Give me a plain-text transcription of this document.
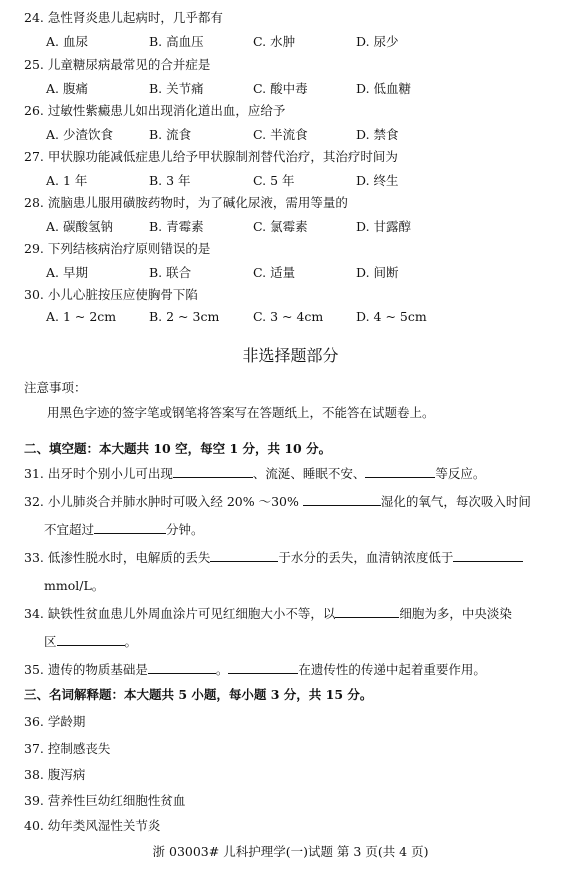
24. 急性肾炎患儿起病时，几乎都有
A. 血尿	B. 高血压	C. 水肿	D. 尿少
25. 儿童糖尿病最常见的合并症是
A. 腹痛	B. 关节痛	C. 酸中毒	D. 低血糖
26. 过敏性紫癜患儿如出现消化道出血，应给予
A. 少渣饮食	B. 流食	C. 半流食	D. 禁食
27. 甲状腺功能减低症患儿给予甲状腺制剂替代治疗，其治疗时间为
A. 1 年	B. 3 年	C. 5 年	D. 终生
28. 流脑患儿服用磺胺药物时，为了碱化尿液，需用等量的
A. 碳酸氢钠	B. 青霉素	C. 氯霉素	D. 甘露醇
29. 下列结核病治疗原则错误的是
A. 早期	B. 联合	C. 适量	D. 间断
30. 小儿心脏按压应使胸骨下陷
A. 1 ~ 2cm	B. 2 ~ 3cm	C. 3 ~ 4cm	D. 4 ~ 5cm
非选择题部分
注意事项：
用黑色字迹的签字笔或钢笔将答案写在答题纸上，不能答在试题卷上。
二、填空题：本大题共 10 空，每空 1 分，共 10 分。
31. 出牙时个别小儿可出现	、流涎、睡眠不安、	等反应。
32. 小儿肺炎合并肺水肿时可吸入经 20% ～30%	湿化的氧气，每次吸入时间
不宜超过	分钟。
33. 低渗性脱水时，电解质的丢失	于水分的丢失，血清钠浓度低于
mmol/L。
34. 缺铁性贫血患儿外周血涂片可见红细胞大小不等，以	细胞为多，中央淡染
区	。
35. 遗传的物质基础是	。	在遗传性的传递中起着重要作用。
三、名词解释题：本大题共 5 小题，每小题 3 分，共 15 分。
36. 学龄期
37. 控制感丧失
38. 腹泻病
39. 营养性巨幼红细胞性贫血
40. 幼年类风湿性关节炎
浙 03003# 儿科护理学(一)试题 第 3 页(共 4 页)
